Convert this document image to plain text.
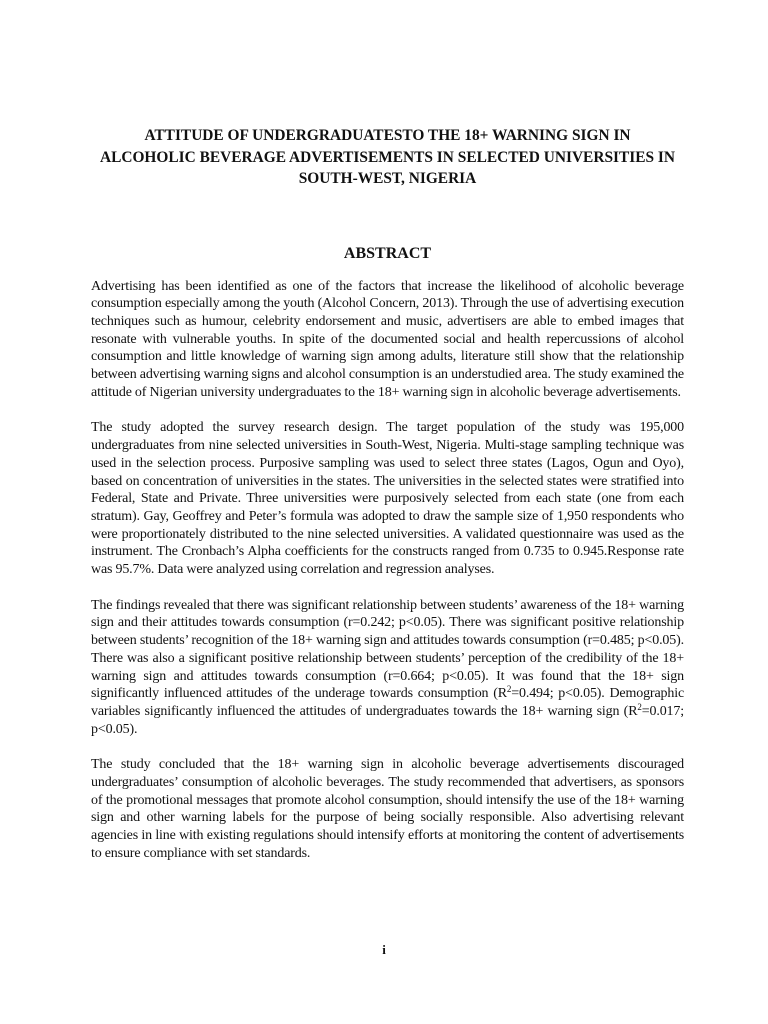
ATTITUDE OF UNDERGRADUATESTO THE 18+ WARNING SIGN IN ALCOHOLIC BEVERAGE ADVERTISEMENTS IN SELECTED UNIVERSITIES IN SOUTH-WEST, NIGERIA
ABSTRACT

Advertising has been identified as one of the factors that increase the likelihood of alcoholic beverage consumption especially among the youth (Alcohol Concern, 2013). Through the use of advertising execution techniques such as humour, celebrity endorsement and music, advertisers are able to embed images that resonate with vulnerable youths. In spite of the documented social and health repercussions of alcohol consumption and little knowledge of warning sign among adults, literature still show that the relationship between advertising warning signs and alcohol consumption is an understudied area. The study examined the attitude of Nigerian university undergraduates to the 18+ warning sign in alcoholic beverage advertisements.

The study adopted the survey research design. The target population of the study was 195,000 undergraduates from nine selected universities in South-West, Nigeria. Multi-stage sampling technique was used in the selection process. Purposive sampling was used to select three states (Lagos, Ogun and Oyo), based on concentration of universities in the states. The universities in the selected states were stratified into Federal, State and Private. Three universities were purposively selected from each state (one from each stratum). Gay, Geoffrey and Peter’s formula was adopted to draw the sample size of 1,950 respondents who were proportionately distributed to the nine selected universities. A validated questionnaire was used as the instrument. The Cronbach’s Alpha coefficients for the constructs ranged from 0.735 to 0.945.Response rate was 95.7%. Data were analyzed using correlation and regression analyses.

The findings revealed that there was significant relationship between students’ awareness of the 18+ warning sign and their attitudes towards consumption (r=0.242; p<0.05). There was significant positive relationship between students’ recognition of the 18+ warning sign and attitudes towards consumption (r=0.485; p<0.05). There was also a significant positive relationship between students’ perception of the credibility of the 18+ warning sign and attitudes towards consumption (r=0.664; p<0.05). It was found that the 18+ sign significantly influenced attitudes of the underage towards consumption ($R^2=0.494$; p<0.05). Demographic variables significantly influenced the attitudes of undergraduates towards the 18+ warning sign ($R^2=0.017$; p<0.05).

The study concluded that the 18+ warning sign in alcoholic beverage advertisements discouraged undergraduates’ consumption of alcoholic beverages. The study recommended that advertisers, as sponsors of the promotional messages that promote alcohol consumption, should intensify the use of the 18+ warning sign and other warning labels for the purpose of being socially responsible. Also advertising relevant agencies in line with existing regulations should intensify efforts at monitoring the content of advertisements to ensure compliance with set standards.

i
